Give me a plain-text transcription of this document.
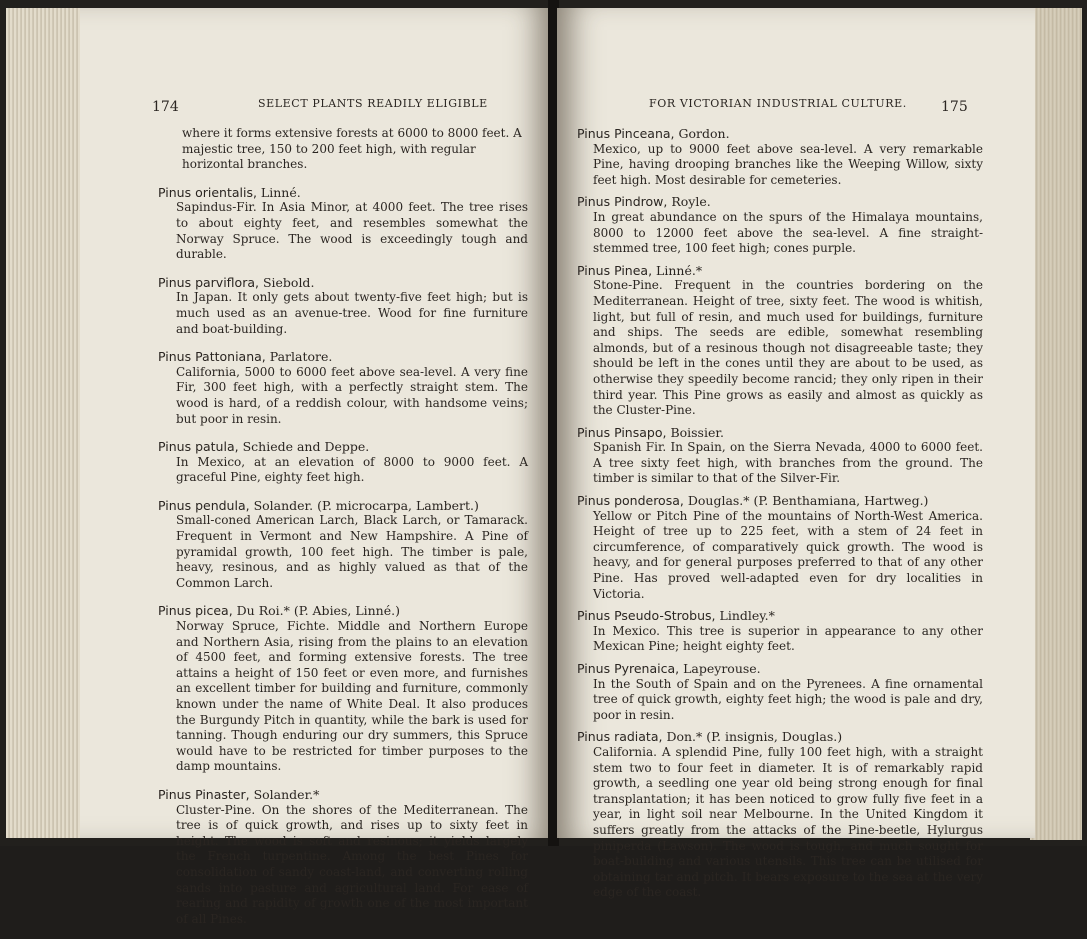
174	SELECT PLANTS READILY ELIGIBLE

where it forms extensive forests at 6000 to 8000 feet. A majestic tree, 150 to 200 feet high, with regular horizontal branches.

Pinus orientalis, Linné.

Sapindus-Fir. In Asia Minor, at 4000 feet. The tree rises to about eighty feet, and resembles somewhat the Norway Spruce. The wood is exceedingly tough and durable.

Pinus parviflora, Siebold.

In Japan. It only gets about twenty-five feet high; but is much used as an avenue-tree. Wood for fine furniture and boat-building.

Pinus Pattoniana, Parlatore.

California, 5000 to 6000 feet above sea-level. A very fine Fir, 300 feet high, with a perfectly straight stem. The wood is hard, of a reddish colour, with handsome veins; but poor in resin.

Pinus patula, Schiede and Deppe.

In Mexico, at an elevation of 8000 to 9000 feet. A graceful Pine, eighty feet high.

Pinus pendula, Solander. (P. microcarpa, Lambert.)

Small-coned American Larch, Black Larch, or Tamarack. Frequent in Vermont and New Hampshire. A Pine of pyramidal growth, 100 feet high. The timber is pale, heavy, resinous, and as highly valued as that of the Common Larch.

Pinus picea, Du Roi.* (P. Abies, Linné.)

Norway Spruce, Fichte. Middle and Northern Europe and Northern Asia, rising from the plains to an elevation of 4500 feet, and forming extensive forests. The tree attains a height of 150 feet or even more, and furnishes an excellent timber for building and furniture, commonly known under the name of White Deal. It also produces the Burgundy Pitch in quantity, while the bark is used for tanning. Though enduring our dry summers, this Spruce would have to be restricted for timber purposes to the damp mountains.

Pinus Pinaster, Solander.*

Cluster-Pine. On the shores of the Mediterranean. The tree is of quick growth, and rises up to sixty feet in height. The wood is soft and resinous; it yields largely the French turpentine. Among the best Pines for consolidation of sandy coast-land, and converting rolling sands into pasture and agricultural land. For ease of rearing and rapidity of growth one of the most important of all Pines.

FOR VICTORIAN INDUSTRIAL CULTURE. 175

Pinus Pinceana, Gordon.

Mexico, up to 9000 feet above sea-level. A very remarkable Pine, having drooping branches like the Weeping Willow, sixty feet high. Most desirable for cemeteries.

Pinus Pindrow, Royle.

In great abundance on the spurs of the Himalaya mountains, 8000 to 12000 feet above the sea-level. A fine straight-stemmed tree, 100 feet high; cones purple.

Pinus Pinea, Linné.*

Stone-Pine. Frequent in the countries bordering on the Mediterranean. Height of tree, sixty feet. The wood is whitish, light, but full of resin, and much used for buildings, furniture and ships. The seeds are edible, somewhat resembling almonds, but of a resinous though not disagreeable taste; they should be left in the cones until they are about to be used, as otherwise they speedily become rancid; they only ripen in their third year. This Pine grows as easily and almost as quickly as the Cluster-Pine.

Pinus Pinsapo, Boissier.

Spanish Fir. In Spain, on the Sierra Nevada, 4000 to 6000 feet. A tree sixty feet high, with branches from the ground. The timber is similar to that of the Silver-Fir.

Pinus ponderosa, Douglas.* (P. Benthamiana, Hartweg.)

Yellow or Pitch Pine of the mountains of North-West America. Height of tree up to 225 feet, with a stem of 24 feet in circumference, of comparatively quick growth. The wood is heavy, and for general purposes preferred to that of any other Pine. Has proved well-adapted even for dry localities in Victoria.

Pinus Pseudo-Strobus, Lindley.*

In Mexico. This tree is superior in appearance to any other Mexican Pine; height eighty feet.

Pinus Pyrenaica, Lapeyrouse.

In the South of Spain and on the Pyrenees. A fine ornamental tree of quick growth, eighty feet high; the wood is pale and dry, poor in resin.

Pinus radiata, Don.* (P. insignis, Douglas.)

California. A splendid Pine, fully 100 feet high, with a straight stem two to four feet in diameter. It is of remarkably rapid growth, a seedling one year old being strong enough for final transplantation; it has been noticed to grow fully five feet in a year, in light soil near Melbourne. In the United Kingdom it suffers greatly from the attacks of the Pine-beetle, Hylurgus piniperda (Lawson). The wood is tough, and much sought for boat-building and various utensils. This tree can be utilised for obtaining tar and pitch. It bears exposure to the sea at the very edge of the coast.
